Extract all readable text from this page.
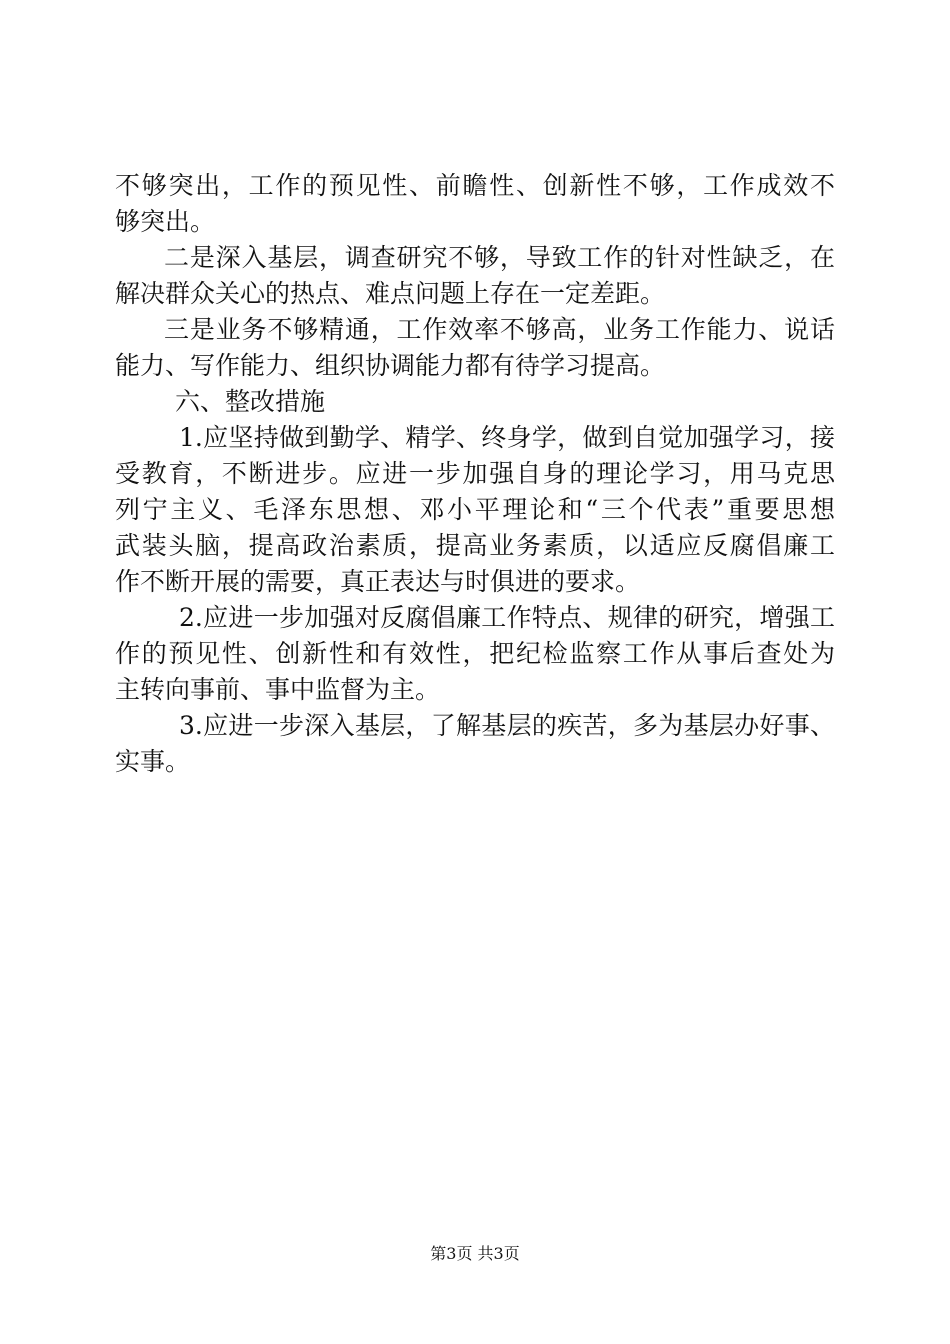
不够突出，工作的预见性、前瞻性、创新性不够，工作成效不
够突出。
二是深入基层，调查研究不够，导致工作的针对性缺乏，在
解决群众关心的热点、难点问题上存在一定差距。
三是业务不够精通，工作效率不够高，业务工作能力、说话
能力、写作能力、组织协调能力都有待学习提高。
六、整改措施
1.应坚持做到勤学、精学、终身学，做到自觉加强学习，接
受教育，不断进步。应进一步加强自身的理论学习，用马克思
列宁主义、毛泽东思想、邓小平理论和“三个代表”重要思想
武装头脑，提高政治素质，提高业务素质，以适应反腐倡廉工
作不断开展的需要，真正表达与时俱进的要求。
2.应进一步加强对反腐倡廉工作特点、规律的研究，增强工
作的预见性、创新性和有效性，把纪检监察工作从事后查处为
主转向事前、事中监督为主。
3.应进一步深入基层，了解基层的疾苦，多为基层办好事、
实事。
第3页 共3页
